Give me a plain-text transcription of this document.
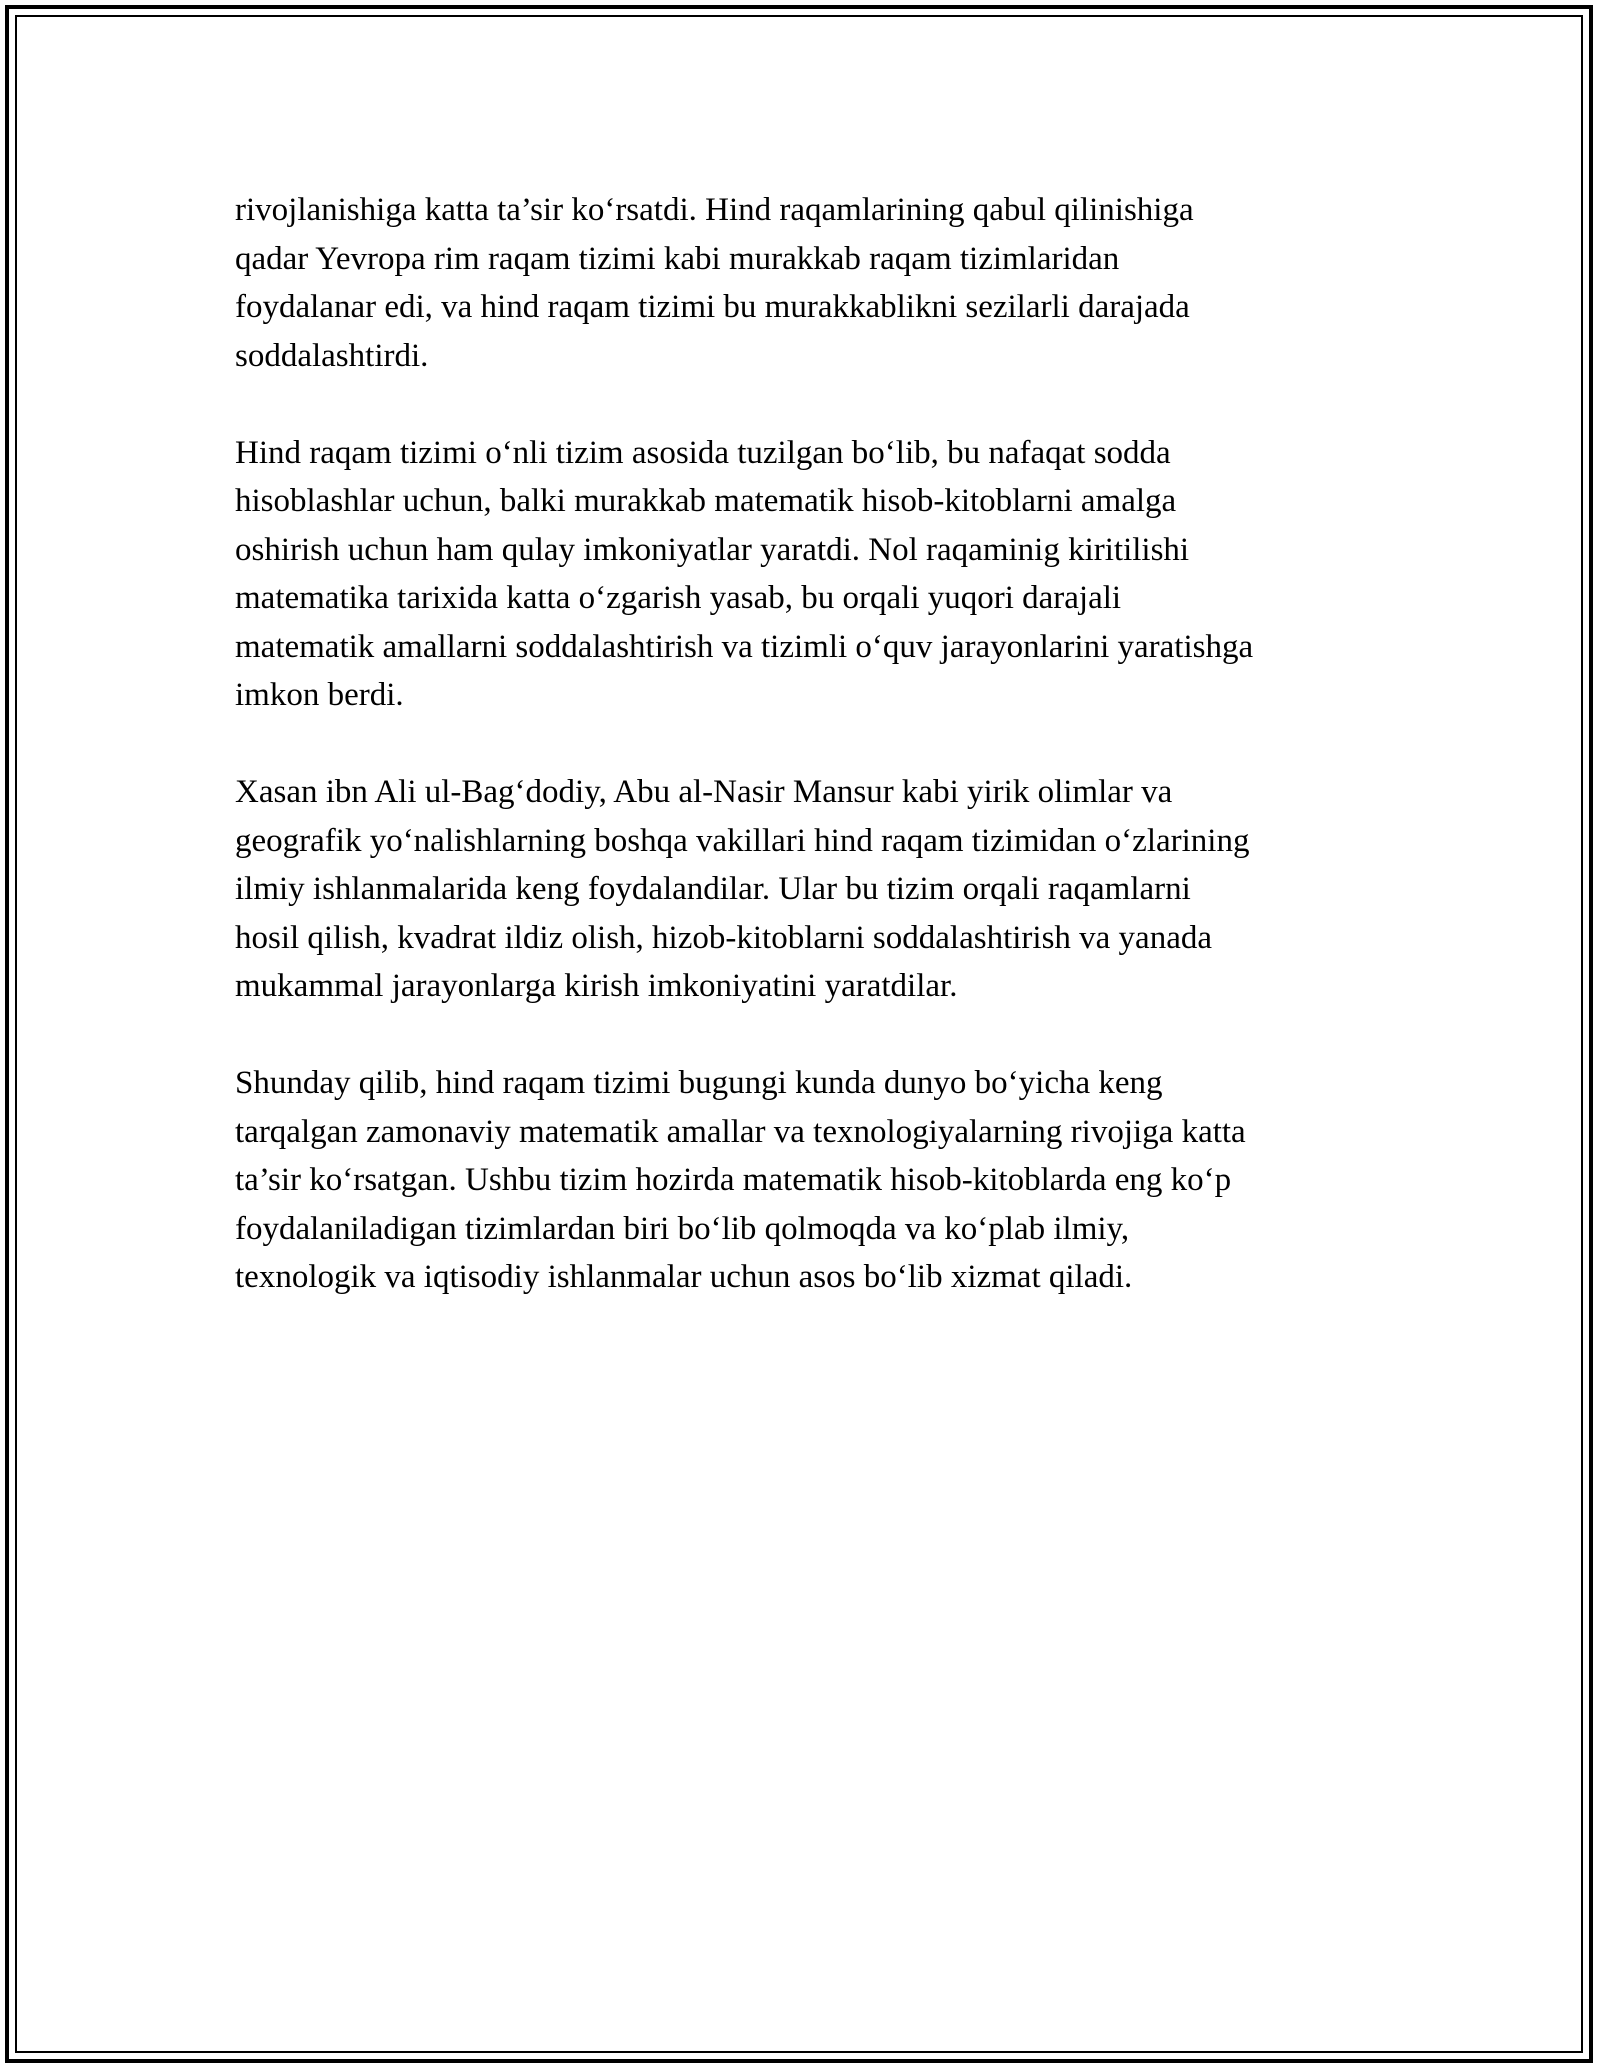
rivojlanishiga katta ta’sir ko‘rsatdi. Hind raqamlarining qabul qilinishiga
qadar Yevropa rim raqam tizimi kabi murakkab raqam tizimlaridan
foydalanar edi, va hind raqam tizimi bu murakkablikni sezilarli darajada
soddalashtirdi.

Hind raqam tizimi o‘nli tizim asosida tuzilgan bo‘lib, bu nafaqat sodda
hisoblashlar uchun, balki murakkab matematik hisob-kitoblarni amalga
oshirish uchun ham qulay imkoniyatlar yaratdi. Nol raqaminig kiritilishi
matematika tarixida katta o‘zgarish yasab, bu orqali yuqori darajali
matematik amallarni soddalashtirish va tizimli o‘quv jarayonlarini yaratishga
imkon berdi.

Xasan ibn Ali ul-Bag‘dodiy, Abu al-Nasir Mansur kabi yirik olimlar va
geografik yo‘nalishlarning boshqa vakillari hind raqam tizimidan o‘zlarining
ilmiy ishlanmalarida keng foydalandilar. Ular bu tizim orqali raqamlarni
hosil qilish, kvadrat ildiz olish, hizob-kitoblarni soddalashtirish va yanada
mukammal jarayonlarga kirish imkoniyatini yaratdilar.

Shunday qilib, hind raqam tizimi bugungi kunda dunyo bo‘yicha keng
tarqalgan zamonaviy matematik amallar va texnologiyalarning rivojiga katta
ta’sir ko‘rsatgan. Ushbu tizim hozirda matematik hisob-kitoblarda eng ko‘p
foydalaniladigan tizimlardan biri bo‘lib qolmoqda va ko‘plab ilmiy,
texnologik va iqtisodiy ishlanmalar uchun asos bo‘lib xizmat qiladi.
